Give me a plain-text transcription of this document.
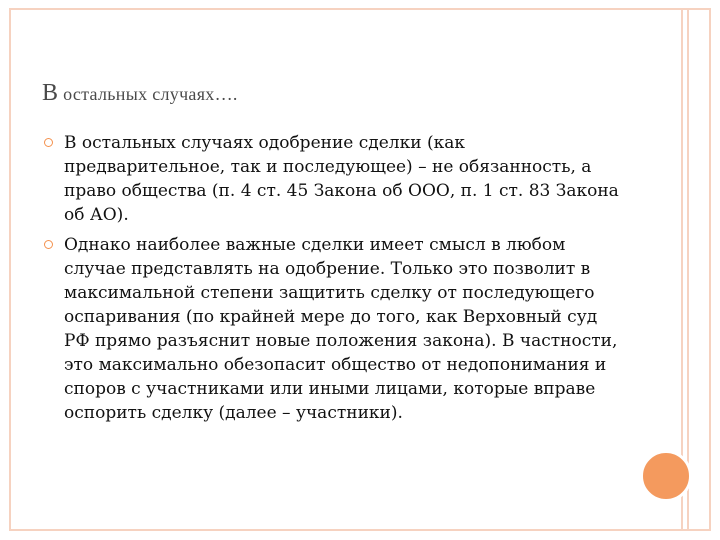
В остальных случаях….
В остальных случаях одобрение сделки (как предварительное, так и последующее) – не обязанность, а право общества (п. 4 ст. 45 Закона об ООО, п. 1 ст. 83 Закона об АО).
Однако наиболее важные сделки имеет смысл в любом случае представлять на одобрение. Только это позволит в максимальной степени защитить сделку от последующего оспаривания (по крайней мере до того, как Верховный суд РФ прямо разъяснит новые положения закона). В частности, это максимально обезопасит общество от недопонимания и споров с участниками или иными лицами, которые вправе оспорить сделку (далее – участники).
